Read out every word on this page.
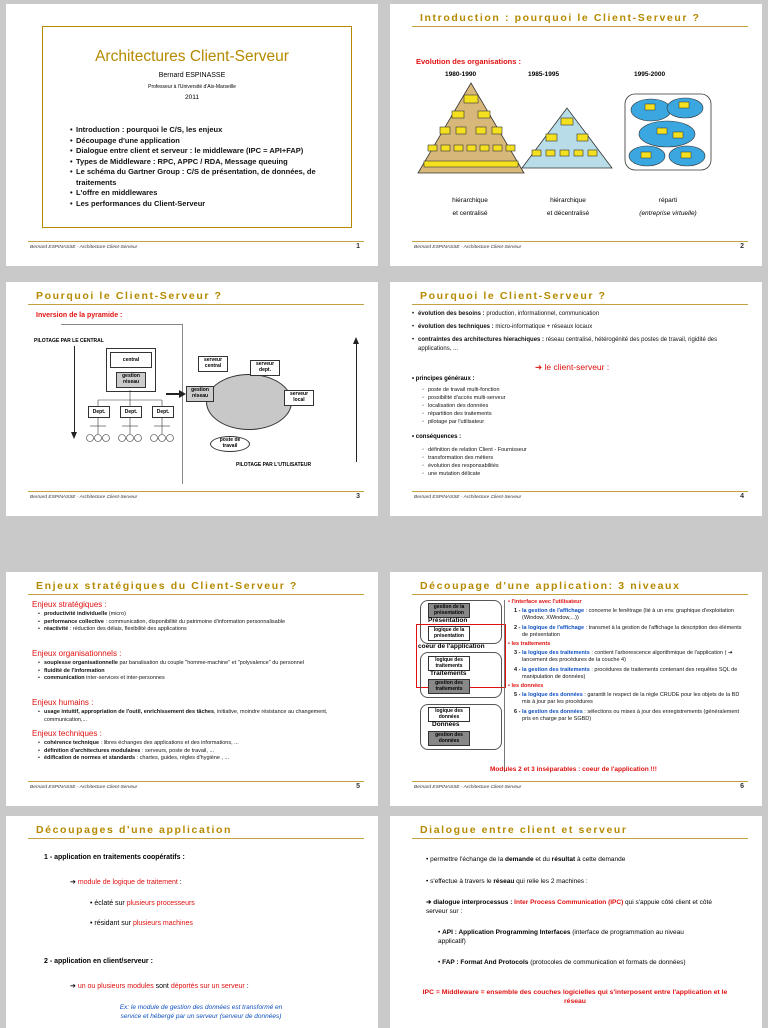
Architectures Client-Serveur
Bernard ESPINASSE
Professeur à l'Université d'Aix-Marseille
2011
• Introduction : pourquoi le C/S, les enjeux
• Découpage d'une application
• Dialogue entre client et serveur : le middleware (IPC = API+FAP)
• Types de Middleware : RPC, APPC / RDA, Message queuing
• Le schéma du Gartner Group : C/S de présentation, de données, de traitements
• L'offre en middlewares
• Les performances du Client-Serveur
Bernard ESPINASSE - Architecture Client-Serveur	1
Introduction : pourquoi le Client-Serveur ?
Evolution des organisations :
1980-1990	1985-1995	1995-2000
hiérarchique
et centralisé
hiérarchique
et décentralisé
réparti
(entreprise virtuelle)
Bernard ESPINASSE - Architecture Client-Serveur	2
Pourquoi le Client-Serveur ?
Inversion de la pyramide :
PILOTAGE PAR LE CENTRAL
central
gestion
réseau
Dept.	Dept.	Dept.
serveur
central	serveur
dept.
serveur
local
gestion
réseau
poste de
travail
PILOTAGE PAR L'UTILISATEUR
Bernard ESPINASSE - Architecture Client-Serveur	3
Pourquoi le Client-Serveur ?
• évolution des besoins : production, informationnel, communication
• évolution des techniques : micro-informatique + réseaux locaux
• contraintes des architectures hierachiques : réseau centralisé, hétérogénité des postes de travail, rigidité des applications, ...
➔ le client-serveur :
• principes généraux :
◦ poste de travail multi-fonction
◦ possibilité d'accès multi-serveur
◦ localisation des données
◦ répartition des traitements
◦ pilotage par l'utilisateur
• conséquences :
◦ définition de relation Client - Fournisseur
◦ transformation des métiers
◦ évolution des responsabilités
◦ une mutation délicate
Bernard ESPINASSE - Architecture Client-Serveur	4
Enjeux stratégiques du Client-Serveur ?
Enjeux stratégiques :
• productivité individuelle (micro)
• performance collective : communication, disponibilité du patrimoine d'information personnalisable
• réactivité : réduction des délais, flexibilité des applications
Enjeux organisationnels :
• souplesse organisationnelle par banalisation du couple "homme-machine" et "polyvalence" du personnel
• fluidité de l'information
• communication inter-services et inter-personnes
Enjeux humains :
• usage intuitif, appropriation de l'outil, enrichissement des tâches, initiative, moindre résistance au changement, communication,...
Enjeux techniques :
• cohérence technique : libres échanges des applications et des informations, ...
• définition d'architectures modulaires : serveurs, poste de travail, ...
• édification de normes et standards : chartes, guides, règles d'hygiène , ...
Bernard ESPINASSE - Architecture Client-Serveur	5
Découpage d'une application: 3 niveaux
gestion de la
présentation
Présentation
logique de la
présentation
coeur de l'application
logique des
traitements
Traitements
gestion des
traitements
logique des
données
Données
gestion des
données
• l'interface avec l'utilisateur
1 - la gestion de l'affichage : concerne le fenêtrage (lié à un env. graphique d'exploitation (Window, XWindow,...))
2 - la logique de l'affichage : transmet à la gestion de l'affichage la description des éléments de présentation
• les traitements
3 - la logique des traitements : contient l'arborescence algorithmique de l'application ( ➔ lancement des procédures de la couche 4)
4 - la gestion des traitements : procédures de traitements contenant des requêtes SQL de manipulation de données)
• les données
5 - la logique des données : garantit le respect de la règle CRUDE pour les objets de la BD mis à jour par les procédures
6 - la gestion des données : sélections ou mises à jour des enregistrements (généralement pris en charge par le SGBD)
Modules 2 et 3 inséparables : coeur de l'application !!!
Bernard ESPINASSE - Architecture Client-Serveur	6
Découpages d'une application
1 - application en traitements coopératifs :
➔ module de logique de traitement :
• éclaté sur plusieurs processeurs
• résidant sur plusieurs machines
2 - application en client/serveur :
➔ un ou plusieurs modules sont déportés sur un serveur :
Ex: le module de gestion des données est transformé en
service et hébergé par un serveur (serveur de données)
Dialogue entre client et serveur
• permettre l'échange de la demande et du résultat à cette demande
• s'effectue à travers le réseau qui relie les 2 machines :
➔ dialogue interprocessus : Inter Process Communication (IPC) qui s'appuie côté client et côté serveur sur :
• API : Application Programming Interfaces (interface de programmation au niveau applicatif)
• FAP : Format And Protocols (protocoles de communication et formats de données)
IPC = Middleware = ensemble des couches logicielles qui s'interposent entre l'application et le réseau
